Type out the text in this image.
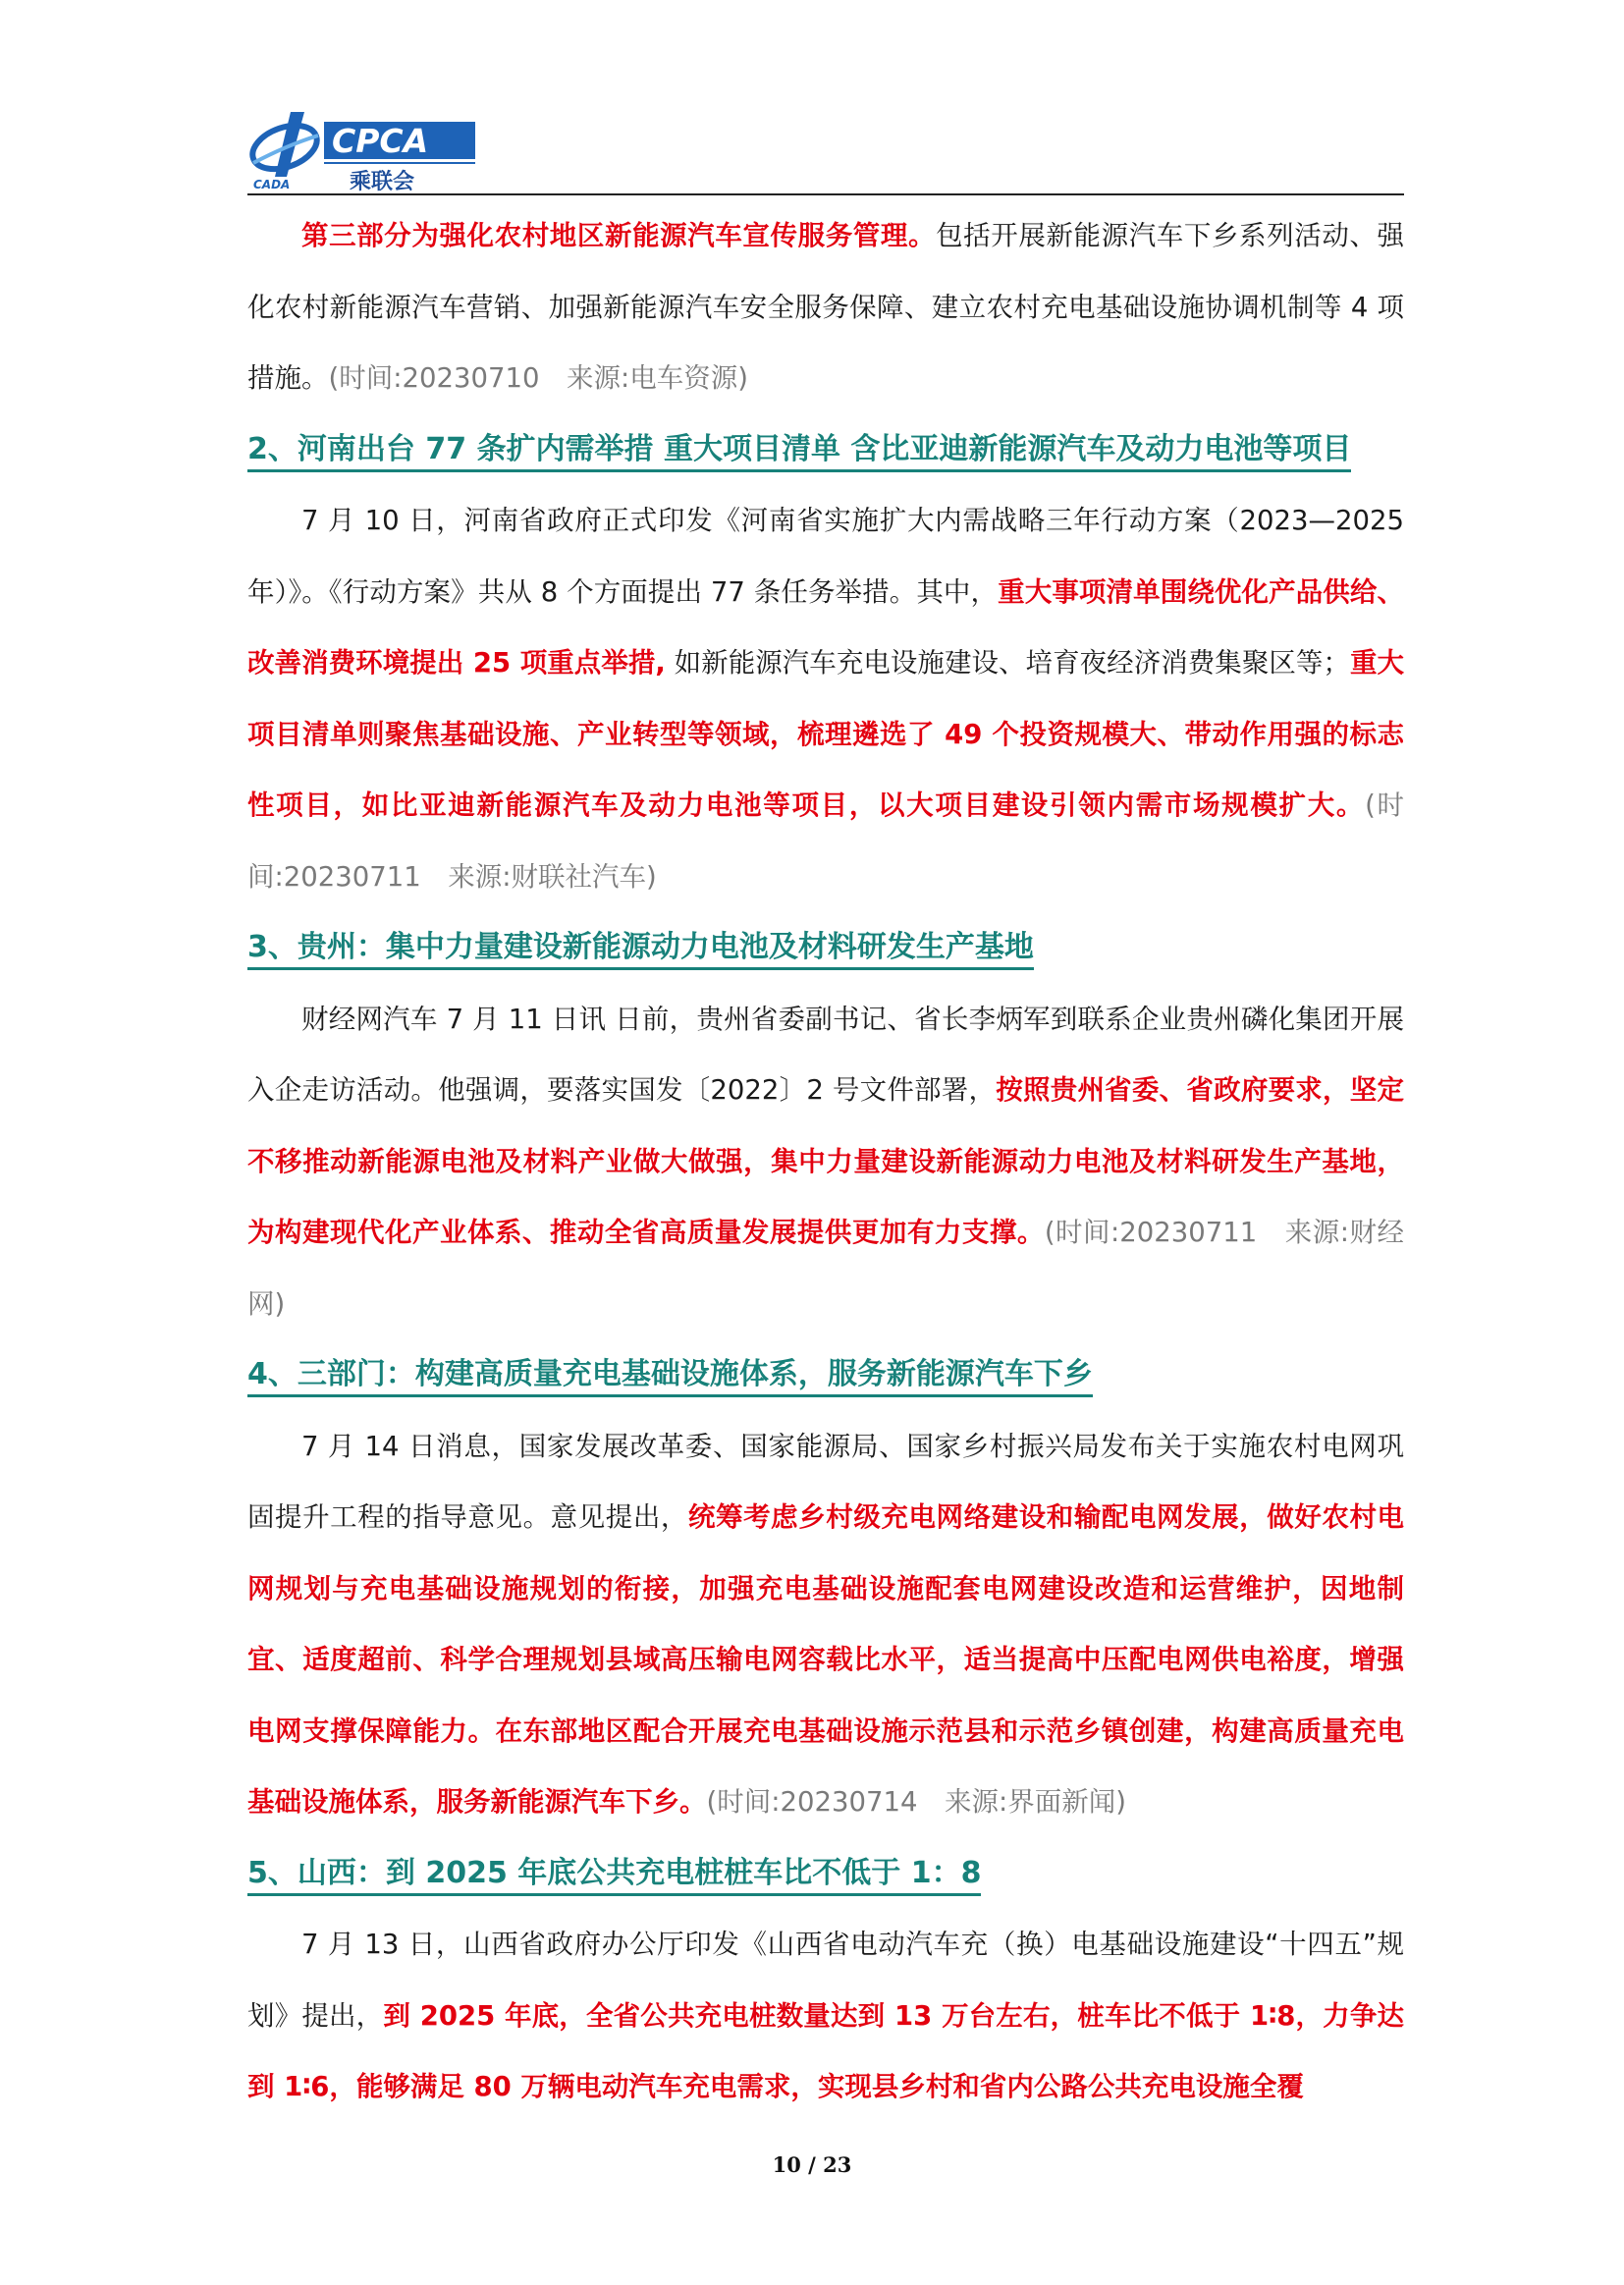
CADA
CPCA
乘联会

第三部分为强化农村地区新能源汽车宣传服务管理。包括开展新能源汽车下乡系列活动、强化农村新能源汽车营销、加强新能源汽车安全服务保障、建立农村充电基础设施协调机制等 4 项措施。(时间:20230710　来源:电车资源)

2、河南出台 77 条扩内需举措 重大项目清单 含比亚迪新能源汽车及动力电池等项目

7 月 10 日，河南省政府正式印发《河南省实施扩大内需战略三年行动方案（2023—2025 年）》。《行动方案》共从 8 个方面提出 77 条任务举措。其中，重大事项清单围绕优化产品供给、改善消费环境提出 25 项重点举措, 如新能源汽车充电设施建设、培育夜经济消费集聚区等；重大项目清单则聚焦基础设施、产业转型等领域，梳理遴选了 49 个投资规模大、带动作用强的标志性项目，如比亚迪新能源汽车及动力电池等项目，以大项目建设引领内需市场规模扩大。(时间:20230711　来源:财联社汽车)

3、贵州：集中力量建设新能源动力电池及材料研发生产基地

财经网汽车 7 月 11 日讯 日前，贵州省委副书记、省长李炳军到联系企业贵州磷化集团开展入企走访活动。他强调，要落实国发〔2022〕2 号文件部署，按照贵州省委、省政府要求，坚定不移推动新能源电池及材料产业做大做强，集中力量建设新能源动力电池及材料研发生产基地，为构建现代化产业体系、推动全省高质量发展提供更加有力支撑。(时间:20230711　来源:财经网)

4、三部门：构建高质量充电基础设施体系，服务新能源汽车下乡

7 月 14 日消息，国家发展改革委、国家能源局、国家乡村振兴局发布关于实施农村电网巩固提升工程的指导意见。意见提出，统筹考虑乡村级充电网络建设和输配电网发展，做好农村电网规划与充电基础设施规划的衔接，加强充电基础设施配套电网建设改造和运营维护，因地制宜、适度超前、科学合理规划县域高压输电网容载比水平，适当提高中压配电网供电裕度，增强电网支撑保障能力。在东部地区配合开展充电基础设施示范县和示范乡镇创建，构建高质量充电基础设施体系，服务新能源汽车下乡。(时间:20230714　来源:界面新闻)

5、山西：到 2025 年底公共充电桩桩车比不低于 1：8

7 月 13 日，山西省政府办公厅印发《山西省电动汽车充（换）电基础设施建设“十四五”规划》提出，到 2025 年底，全省公共充电桩数量达到 13 万台左右，桩车比不低于 1∶8，力争达到 1∶6，能够满足 80 万辆电动汽车充电需求，实现县乡村和省内公路公共充电设施全覆

10 / 23
